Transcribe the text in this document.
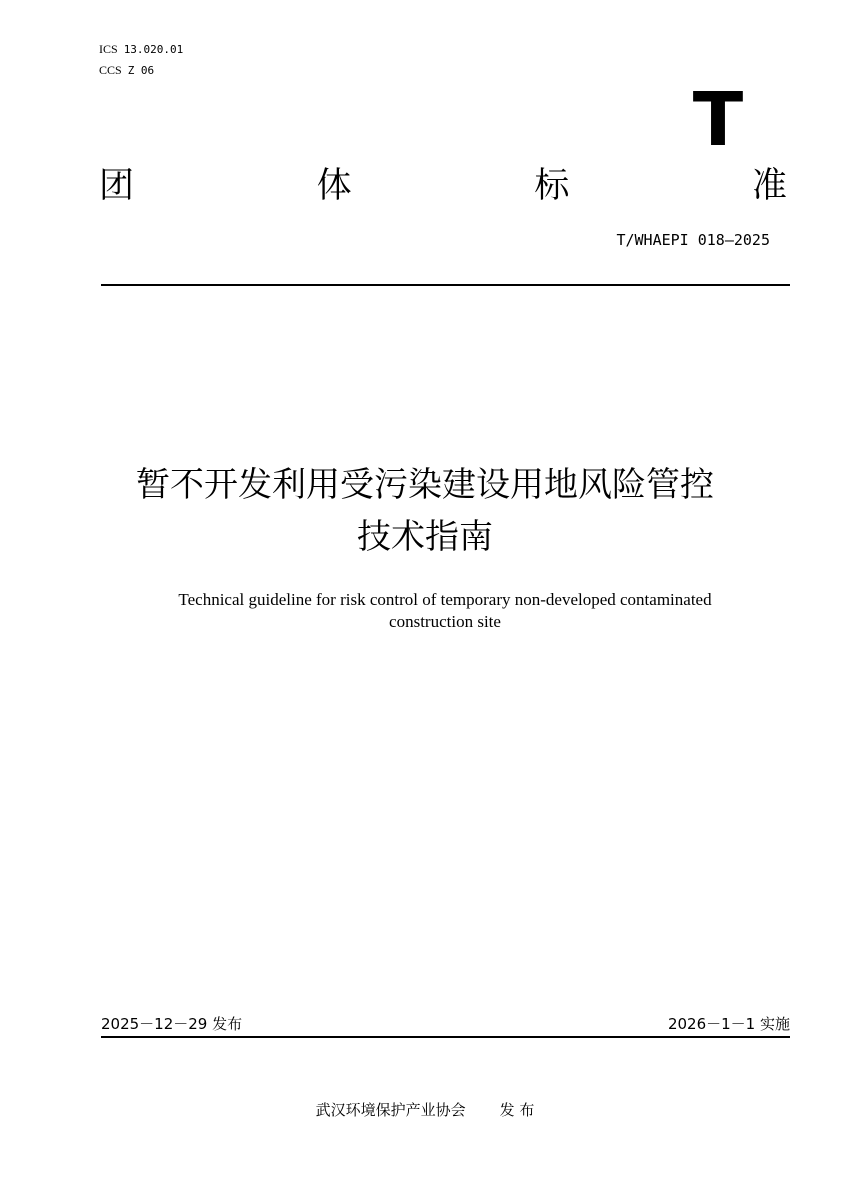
ICS 13.020.01
CCS Z 06
T
团	体	标	准
T/WHAEPI 018—2025
暂不开发利用受污染建设用地风险管控
技术指南
Technical guideline for risk control of temporary non-developed contaminated
construction site
2025－12－29 发布	2026－1－1 实施
武汉环境保护产业协会 发 布
